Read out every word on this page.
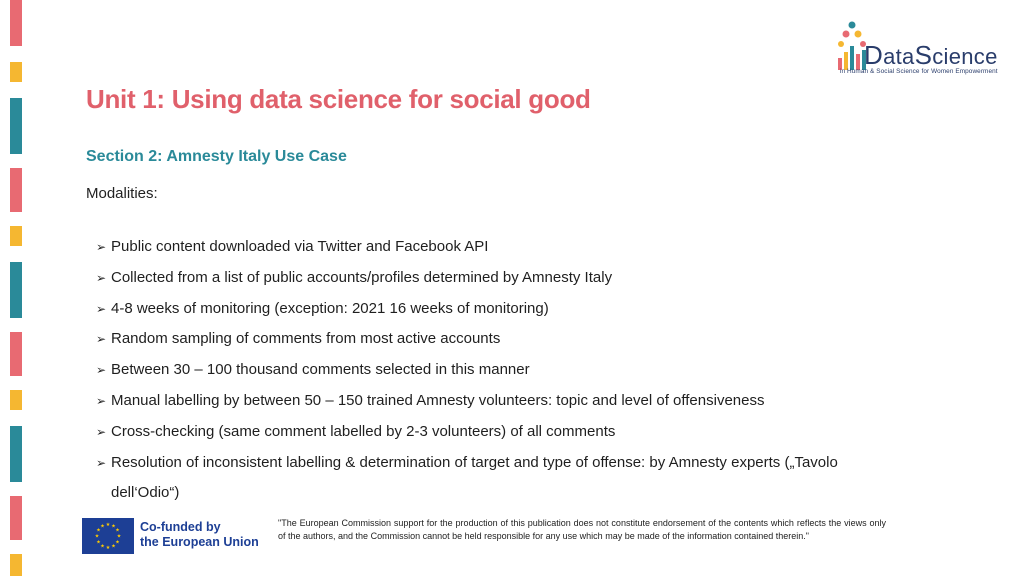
DataScience
in Human & Social Science for Women Empowerment
Unit 1: Using data science for social good
Section 2: Amnesty Italy Use Case

Modalities:

➢ Public content downloaded via Twitter and Facebook API
➢ Collected from a list of public accounts/profiles determined by Amnesty Italy
➢ 4-8 weeks of monitoring (exception: 2021 16 weeks of monitoring)
➢ Random sampling of comments from most active accounts
➢ Between 30 – 100 thousand comments selected in this manner
➢ Manual labelling by between 50 – 150 trained Amnesty volunteers: topic and level of offensiveness
➢ Cross-checking (same comment labelled by 2-3 volunteers) of all comments
➢ Resolution of inconsistent labelling & determination of target and type of offense: by Amnesty experts („Tavolo dell‘Odio“)
★ ★
★
★
★
★
★
★
★
★
★
★	Co-funded by
the European Union
"The European Commission support for the production of this publication does not constitute endorsement of the contents which reflects the views only of the authors, and the Commission cannot be held responsible for any use which may be made of the information contained therein."
